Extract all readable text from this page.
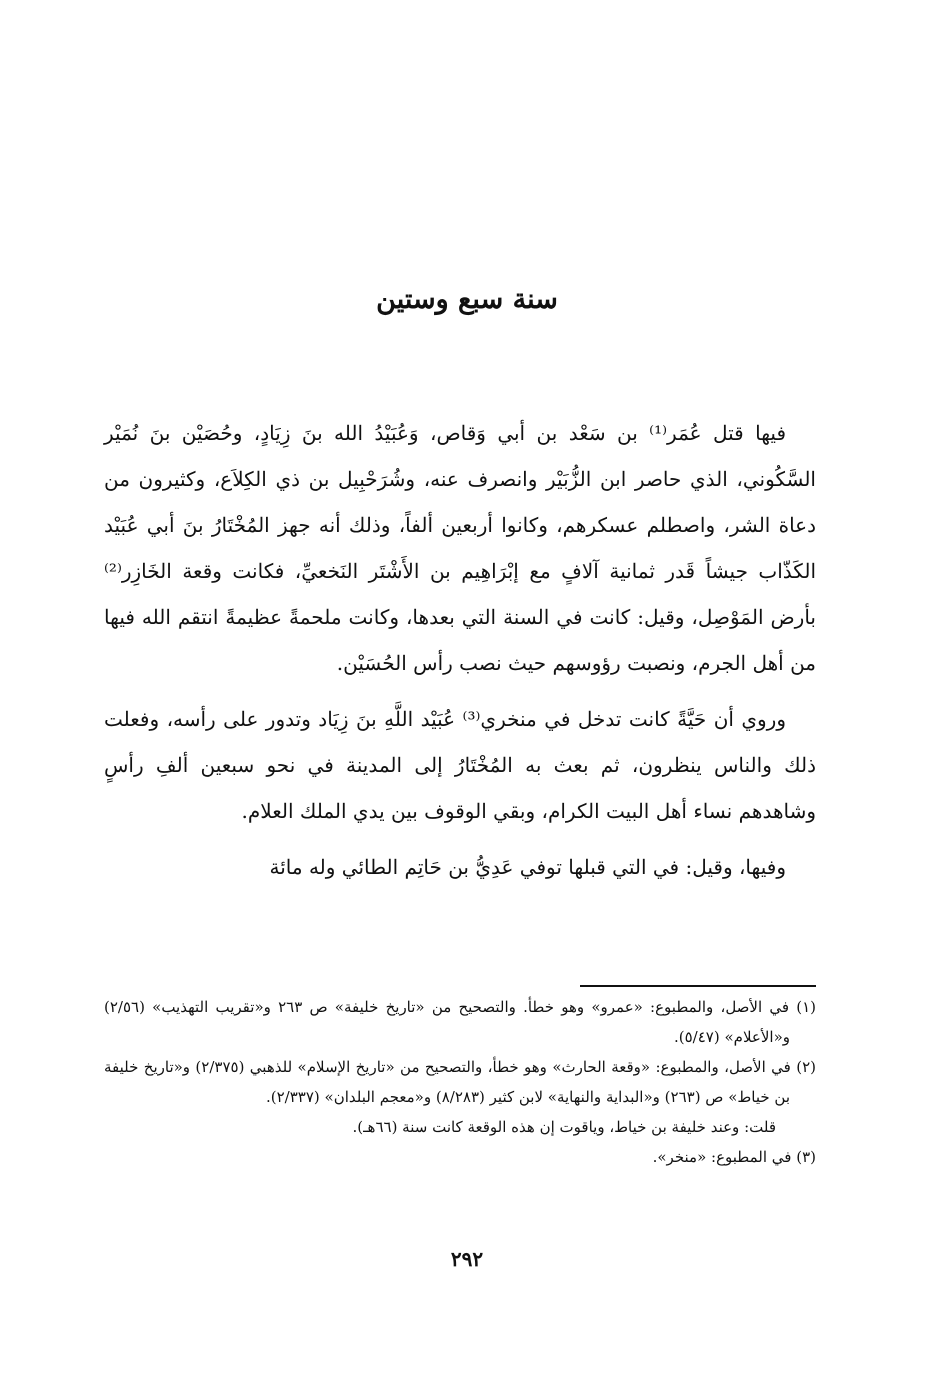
سنة سبع وستين

فيها قتل عُمَر⁽¹⁾ بن سَعْد بن أبي وَقاص، وَعُبَيْدُ الله بنَ زِيَادٍ، وحُصَيْن بنَ نُمَيْر السَّكُوني، الذي حاصر ابن الزُّبَيْر وانصرف عنه، وشُرَحْبِيل بن ذي الكِلاَع، وكثيرون من دعاة الشر، واصطلم عسكرهم، وكانوا أربعين ألفاً، وذلك أنه جهز المُخْتَارُ بنَ أبي عُبَيْد الكَذّاب جيشاً قَدر ثمانية آلافٍ مع إبْرَاهِيم بن الأَشْتَر النَخعيِّ، فكانت وقعة الخَازِر⁽²⁾ بأرض المَوْصِل، وقيل: كانت في السنة التي بعدها، وكانت ملحمةً عظيمةً انتقم الله فيها من أهل الجرم، ونصبت رؤوسهم حيث نصب رأس الحُسَيْن.

وروي أن حَيَّةً كانت تدخل في منخري⁽³⁾ عُبَيْد اللَّهِ بنَ زِيَاد وتدور على رأسه، وفعلت ذلك والناس ينظرون، ثم بعث به المُخْتَارُ إلى المدينة في نحو سبعين ألفِ رأسٍ وشاهدهم نساء أهل البيت الكرام، وبقي الوقوف بين يدي الملك العلام.

وفيها، وقيل: في التي قبلها توفي عَدِيُّ بن حَاتِم الطائي وله مائة

(١) في الأصل، والمطبوع: «عمرو» وهو خطأ. والتصحيح من «تاريخ خليفة» ص ٢٦٣ و«تقريب التهذيب» (٢/٥٦) و«الأعلام» (٥/٤٧).

(٢) في الأصل، والمطبوع: «وقعة الحارث» وهو خطأ، والتصحيح من «تاريخ الإسلام» للذهبي (٢/٣٧٥) و«تاريخ خليفة بن خياط» ص (٢٦٣) و«البداية والنهاية» لابن كثير (٨/٢٨٣) و«معجم البلدان» (٢/٣٣٧).

قلت: وعند خليفة بن خياط، وياقوت إن هذه الوقعة كانت سنة (٦٦هـ).

(٣) في المطبوع: «منخر».

٢٩٢
